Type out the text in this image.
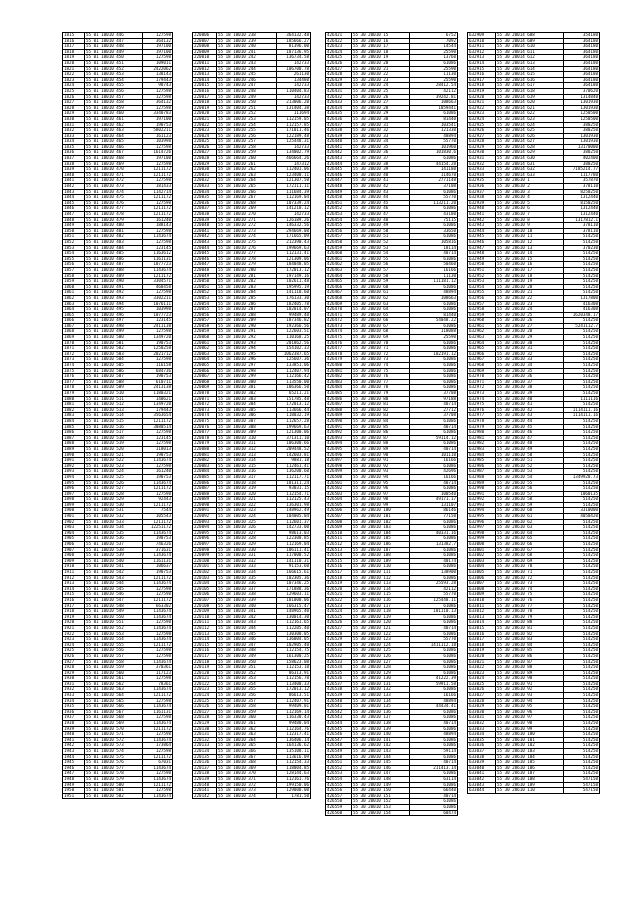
1815	55 01 10010 446	127598
1816	55 01 10010 447	364132
1817	55 01 10010 448	197100
1818	55 01 10010 449	197100
1819	55 01 10010 450	127598
1820	55 01 10010 451	109011
1821	55 01 10010 452	2422062
1822	55 01 10010 453	138143
1823	55 01 10010 454	179443
1824	55 01 10010 455	98743
1825	55 01 10010 456	127598
1826	55 01 10010 457	127598
1827	55 01 10010 458	364132
1828	55 01 10010 459	127598
1829	55 01 10010 460	3340783
1830	55 01 10010 461	197100
1831	55 01 10010 462	190753
1832	55 01 10010 463	5802211
1833	55 01 10010 464	161123
1834	55 01 10010 465	103998
1835	55 01 10010 466	127598
1836	55 01 10010 467	1614726
1837	55 01 10010 468	197100
1838	55 01 10010 469	127598
1839	55 01 10010 470	1211172
1840	55 01 10010 471	1211172
1841	55 01 10010 472	127598
1842	55 01 10010 473	181433
1843	55 01 10010 474	1142714
1844	55 01 10010 475	1211172
1845	55 01 10010 476	127598
1846	55 01 10010 477	1211172
1847	55 01 10010 478	1211172
1848	55 01 10010 479	161240
1849	55 01 10010 480	188143
1850	55 01 10010 481	127598
1851	55 01 10010 482	1143674
1852	55 01 10010 483	127598
1853	55 01 10010 484	123145
1854	55 01 10010 485	1163612
1855	55 01 10010 486	1161131
1856	55 01 10010 487	1077723
1857	55 01 10010 488	1143674
1858	55 01 10010 489	1211172
1859	55 01 10010 490	3304571
1860	55 01 10010 491	468458
1861	55 01 10010 492	127598
1862	55 01 10010 493	3302211
1863	55 01 10010 494	1076111
1864	55 01 10010 495	103998
1865	55 01 10010 496	1077723
1866	55 01 10010 497	123145
1867	55 01 10010 498	2411138
1868	55 01 10010 499	127598
1869	55 01 10010 500	1349720
1870	55 01 10010 501	190753
1871	55 01 10010 502	1250258
1872	55 01 10010 503	2021712
1873	55 01 10010 504	127598
1874	55 01 10010 505	116158
1875	55 01 10010 506	684736
1876	55 01 10010 507	190753
1877	55 01 10010 508	610711
1878	55 01 10010 509	2413138
1879	55 01 10010 510	1180321
1880	55 01 10010 511	140621
1881	55 01 10010 512	1349720
1882	55 01 10010 513	179443
1883	55 01 10010 514	3563654
1884	55 01 10010 515	1211172
1885	55 01 10010 516	3080514
1886	55 01 10010 517	127598
1887	55 01 10010 518	123145
1888	55 01 10010 519	127598
1889	55 01 10010 520	118013
1890	55 01 10010 521	190753
1891	55 01 10010 522	1143674
1892	55 01 10010 523	127598
1893	55 01 10010 524	161240
1894	55 01 10010 525	190753
1895	55 01 10010 526	1143674
1896	55 01 10010 527	1211172
1897	55 01 10010 528	127598
1898	55 01 10010 529	92443
1899	55 01 10010 530	1211172
1900	55 01 10010 531	7544
1901	55 01 10010 532	105543
1902	55 01 10010 533	1211172
1903	55 01 10010 534	12251172
1904	55 01 10010 535	1143674
1905	55 01 10010 536	190753
1906	55 01 10010 537	746326
1907	55 01 10010 538	371631
1908	55 01 10010 539	1143674
1909	55 01 10010 540	1161131
1910	55 01 10010 541	106637
1911	55 01 10010 542	190753
1912	55 01 10010 543	1211172
1913	55 01 10010 544	1143674
1914	55 01 10010 545	127598
1915	55 01 10010 546	127598
1916	55 01 10010 547	1211172
1917	55 01 10010 548	663302
1918	55 01 10010 549	1143674
1919	55 01 10010 550	1143674
1920	55 01 10010 551	127598
1921	55 01 10010 552	1143674
1922	55 01 10010 553	127598
1923	55 01 10010 554	1143674
1924	55 01 10010 555	1211172
1925	55 01 10010 556	127598
1926	55 01 10010 557	127598
1927	55 01 10010 558	1143674
1928	55 01 10010 559	370361
1929	55 01 10010 560	117123
1930	55 01 10010 561	127598
1931	55 01 10010 562	78361
1932	55 01 10010 563	1143674
1933	55 01 10010 564	1211172
1934	55 01 10010 565	127598
1935	55 01 10010 566	1143674
1936	55 01 10010 567	1161131
1937	55 01 10010 568	127598
1938	55 01 10010 569	1143674
1939	55 01 10010 570	1211172
1940	55 01 10010 571	127598
1941	55 01 10010 572	1143674
1942	55 01 10010 573	173864
1943	55 01 10010 574	127598
1944	55 01 10010 575	1211172
1945	55 01 10010 576	67031
1946	55 01 10010 577	1143674
1947	55 01 10010 578	127598
1948	55 01 10010 579	1143674
1949	55 01 10010 580	1211172
1950	55 01 10010 581	127598
1951	55 01 10010 582	1143674
220006	55 18 10010 238	364132.48
220007	55 18 10010 239	185666.27
220008	55 18 10010 240	81396.00
220009	55 18 10010 241	187136.95
220010	55 18 10010 242	136734.58
220011	55 18 10010 243	142733
220012	55 18 10010 244	106700.78
220013	55 18 10010 245	261130
220014	55 18 10010 246	134480
220015	55 18 10010 247	142733
220016	55 18 10010 248	110404.83
220017	55 18 10010 249	142733
220018	55 18 10010 250	213006.20
220019	55 18 10010 251	131404.38
220020	55 18 10010 252	111694
220021	55 18 10010 253	112159.05
220022	55 18 10010 254	112157.85
220023	55 18 10010 255	171011.46
220024	55 18 10010 256	122189.48
220025	55 18 10010 257	125448.31
220026	55 18 10010 258	142733
220027	55 18 10010 259	134002.79
220028	55 18 10010 260	466664.26
220029	55 18 10010 261	147312
220030	55 18 10010 262	112401.06
220031	55 18 10010 263	123400.11
220032	55 18 10010 264	121307.50
220033	55 18 10010 265	172111.11
220034	55 18 10010 266	111684.39
220035	55 18 10010 267	112169.04
220036	55 18 10010 268	107339.24
220037	55 18 10010 269	141210.12
220038	55 18 10010 270	142733
220039	55 18 10010 271	126189.26
220040	55 18 10010 272	146332.56
220041	55 18 10010 273	294669.08
220042	55 18 10010 274	171665.09
220043	55 18 10010 275	212390.43
220044	55 18 10010 276	199669.63
220045	55 18 10010 277	112131.41
220046	55 18 10010 278	121309.06
220047	55 18 10010 279	184048.05
220048	55 18 10010 280	172013.12
220049	55 18 10010 281	197149.16
220050	55 18 10010 282	102611.48
220051	55 18 10010 283	195995.19
220052	55 18 10010 284	141110.60
220053	55 18 10010 285	176133.30
220054	55 18 10010 286	182405.78
220055	55 18 10010 287	102014.07
220056	55 18 10010 288	99489.48
220057	55 18 10010 289	187346.82
220058	55 18 10010 290	192366.56
220059	55 18 10010 291	122603.51
220060	55 18 10010 292	110168.25
220061	55 18 10010 293	201862.56
220062	55 18 10010 294	154102.33
220063	55 18 10010 295	1062387.65
220064	55 18 10010 296	125607.36
220065	55 18 10010 297	133851.06
220066	55 18 10010 298	112407.94
220067	55 18 10010 299	112166.42
220068	55 18 10010 300	113550.00
220069	55 18 10010 301	106366.50
220070	55 18 10010 302	65211.21
220071	55 18 10010 303	151785.48
220072	55 18 10010 304	172013.12
220073	55 18 10010 305	113666.44
220074	55 18 10010 306	118032.19
220075	55 18 10010 307	112657.28
220076	55 18 10010 308	199669.63
220077	55 18 10010 309	121300.06
220078	55 18 10010 310	371311.10
220079	55 18 10010 311	106300.66
220080	55 18 10010 312	209448.52
220081	55 18 10010 313	142603.81
220082	55 18 10010 314	9881.18
220083	55 18 10010 315	112461.41
220084	55 18 10010 316	136200.60
220085	55 18 10010 317	112117.71
220086	55 18 10010 318	181311.24
220087	55 18 10010 319	93031.15
220088	55 18 10010 320	112154.71
220089	55 18 10010 321	112125.43
220090	55 18 10010 322	136301.98
220091	55 18 10010 323	148962.49
220092	55 18 10010 324	104005.04
220093	55 18 10010 325	112601.37
220094	55 18 10010 326	142733.00
220095	55 18 10010 327	98613.03
220096	55 18 10010 328	122300.85
220097	55 18 10010 329	112169.04
220098	55 18 10010 330	106111.41
220099	55 18 10010 331	117000.52
220100	55 18 10010 332	141110.31
220101	55 18 10010 333	91153.60
220102	55 18 10010 334	166615.61
220103	55 18 10010 335	102305.36
220104	55 18 10010 336	107346.25
220105	55 18 10010 337	171888.36
220106	55 18 10010 338	129603.11
220107	55 18 10010 339	101000.06
220108	55 18 10010 340	166315.47
220109	55 18 10010 341	148965.40
220110	55 18 10010 342	130014.30
220111	55 18 10010 343	112161.65
220112	55 18 10010 344	112205.40
220113	55 18 10010 345	130300.05
220114	55 18 10010 346	136004.05
220115	55 18 10010 347	102905.40
220116	55 18 10010 348	112154.75
220117	55 18 10010 349	161300.25
220118	55 18 10010 350	158623.08
220119	55 18 10010 351	112153.18
220120	55 18 10010 352	86313.91
220121	55 18 10010 353	112156.78
220122	55 18 10010 354	113400.33
220123	55 18 10010 355	172013.12
220124	55 18 10010 356	86613.51
220125	55 18 10010 357	112407.91
220126	55 18 10010 358	99409.01
220127	55 18 10010 359	112169.14
220128	55 18 10010 360	116330.43
220129	55 18 10010 361	99480.04
220130	55 18 10010 362	112164.76
220131	55 18 10010 363	112317.41
220132	55 18 10010 364	136406.14
220133	55 18 10010 365	164136.62
220134	55 18 10010 366	135108.11
220135	55 18 10010 367	113616.09
220136	55 18 10010 368	112154.33
220137	55 18 10010 369	118004.85
220138	55 18 10010 370	128144.63
220139	55 18 10010 371	112161.76
220140	55 18 10010 372	199150.06
220141	55 18 10010 373	129000.00
220142	55 18 10010 374	1781.50
426421	55 30 20010 15	6752
426422	55 30 20010 16	7092
426423	55 30 20010 17	14544
426424	55 30 20010 18	25590
426425	55 30 20010 19	13760
426426	55 30 20010 20	61086
426427	55 30 20010 21	25590
426428	55 30 20010 22	11130
426429	55 30 20010 23	25590
426430	55 30 20010 24	28412.54
426431	55 30 20010 25	42112
426432	55 30 20010 26	39242.81
426433	55 30 20010 27	108663
426434	55 30 20010 28	1059441
426435	55 30 20010 29	61086
426436	55 30 20010 30	81440
426437	55 30 20010 31	103541
426438	55 30 20010 32	121330
426439	55 30 20010 33	48894
426440	55 30 20010 34	55770
426441	55 30 20010 35	101960
426442	55 30 20010 36	101830.6
426443	55 30 20010 37	61086
426444	55 30 20010 38	44154.28
426445	55 30 20010 39	141180
426446	55 30 20010 40	114670
426447	55 30 20010 41	2771148
426448	55 30 20010 42	37108
426449	55 30 20010 43	61086
426450	55 30 20010 44	55770
426451	55 30 20010 45	113211.20
426452	55 30 20010 46	61086
426453	55 30 20010 47	43180
426454	55 30 20010 48	75115
426455	55 30 20010 49	61086
426456	55 30 20010 50	33650
426457	55 30 20010 51	61086
426458	55 30 20010 52	105816
426459	55 30 20010 53	18114
426460	55 30 20010 54	40714
426461	55 30 20010 55	61086
426462	55 30 20010 56	50460
426463	55 30 20010 57	16166
426464	55 30 20010 58	11130
426465	55 30 20010 59	111181.12
426466	55 30 20010 60	61086
426467	55 30 20010 61	48894
426468	55 30 20010 62	108663
426469	55 30 20010 63	61086
426470	55 30 20010 64	61086
426471	55 30 20010 65	81440
426472	55 30 20010 66	54048.22
426473	55 30 20010 67	61086
426474	55 30 20010 68	118088
426475	55 30 20010 69	25590
426476	55 30 20010 70	61086
426477	55 30 20010 71	61086
426478	55 30 20010 72	102191.12
426479	55 30 20010 73	61086
426480	55 30 20010 74	61086
426481	55 30 20010 75	61086
426482	55 30 20010 76	61086
426483	55 30 20010 77	61086
426484	55 30 20010 78	61086
426485	55 30 20010 79	37708
426486	55 30 20010 80	97188
426487	55 30 20010 81	40714
426488	55 30 20010 82	27712
426489	55 30 20010 83	37708
426490	55 30 20010 84	61086
426491	55 30 20010 85	40714
426492	55 30 20010 86	61086
426493	55 30 20010 87	59114.12
426494	55 30 20010 88	61086
426495	55 30 20010 89	40714
426496	55 30 20010 90	101110
426497	55 30 20010 91	16166
426498	55 30 20010 92	61086
426499	55 30 20010 93	42696
426500	55 30 20010 94	16166
426501	55 30 20010 95	40714
426502	55 30 20010 96	61086
426503	55 30 20010 97	100540
426504	55 30 20010 98	49171.17
426505	55 30 20010 99	131107
426506	55 30 20010 100	86146
426507	55 30 20010 101	77150
426508	55 30 20010 102	61086
426509	55 30 20010 103	61086
426510	55 30 20010 104	40331.16
426511	55 30 20010 105	61086
426512	55 30 20010 106	131382.7
426513	55 30 20010 107	61086
426514	55 30 20010 108	61086
426515	55 30 20010 109	40174
426516	55 30 20010 110	61086
426517	55 30 20010 111	138900
426518	55 30 20010 112	61086
426519	55 30 20010 113	25593.28
426520	55 30 20010 114	42112
426521	55 30 20010 115	55770
426522	55 30 20010 116	125448.11
426523	55 30 20010 117	61086
426524	55 30 20010 118	101110.13
426525	55 30 20010 119	61086
426526	55 30 20010 120	61086
426527	55 30 20010 121	40714
426528	55 30 20010 122	61086
426529	55 30 20010 123	55770
426530	55 30 20010 124	1411112.18
426531	55 30 20010 125	61086
426532	55 30 20010 126	61086
426533	55 30 20010 127	61086
426534	55 30 20010 128	61086
426535	55 30 20010 129	61086
426536	55 30 20010 130	41222.39
426537	55 30 20010 131	59911.58
426538	55 30 20010 132	61086
426539	55 30 20010 133	16166
426540	55 30 20010 134	48894
426541	55 30 20010 135	44434.41
426542	55 30 20010 136	61086
426543	55 30 20010 137	61086
426544	55 30 20010 138	40714
426545	55 30 20010 139	61086
426546	55 30 20010 140	48894
426547	55 30 20010 141	61086
426548	55 30 20010 142	61086
426549	55 30 20010 143	59114
426550	55 30 20010 144	61086
426551	55 30 20010 145	40714
426552	55 30 20010 146	211413.14
426553	55 30 20010 147	61086
426554	55 30 20010 148	63114
426555	55 30 20010 149	61086
426556	55 30 20010 150	66440
426557	55 30 20010 151	40714
426558	55 30 20010 152	61086
426559	55 30 20010 153	61086
426560	55 30 20010 154	60474
632909	55 30 20014 608	354180
632910	55 30 20014 609	364180
632911	55 30 20014 610	364180
632912	55 30 20014 611	364180
632913	55 30 20014 612	364180
632914	55 30 20014 613	364180
632915	55 30 20014 614	364180
632916	55 30 20014 615	364180
632917	55 30 20014 616	364180
632918	55 30 20014 617	364180
632919	55 30 20014 618	370620
632920	55 30 20014 619	1314840
632921	55 30 20014 620	1301930
632922	55 30 20014 621	1301930
632923	55 30 20014 622	1250500
632924	55 30 20014 623	1250500
632925	55 30 20014 624	380250
632926	55 30 20014 625	380250
632927	55 30 20014 626	1301930
632928	55 30 20014 627	1301930
632929	55 30 20014 628	13170000
632930	55 30 20014 629	380250
632931	55 30 20014 630	402400
632932	55 30 20014 631	380250
632933	55 30 20014 632	7185214.77
632934	55 30 20014 633	1117780
632935	55 30 28610 1	357870
632936	55 30 28610 2	378110
632937	55 30 28610 3	8250250
632938	55 30 28610 4	1312440
632939	55 30 28610 5	8150250
632940	55 30 28610 6	1312440
632941	55 30 28610 7	1312440
632942	55 30 28610 8	1317812.1
632943	55 30 28610 9	378110
632944	55 30 28610 10	378110
632945	55 30 28610 11	514250
632946	55 30 28610 12	514250
632947	55 30 28610 13	370230
632948	55 30 28610 14	514250
632949	55 30 28610 15	514250
632950	55 30 28610 16	514250
632951	55 30 28610 17	514250
632952	55 30 28610 18	514250
632953	55 30 28610 19	514250
632954	55 30 28610 20	514250
632955	55 30 28610 21	514250
632956	55 30 28610 22	1317800
632957	55 30 28610 23	416308
632958	55 30 28610 24	416308
632959	55 30 28610 25	1620348.17
632960	55 30 28610 26	514250
632961	55 30 28610 27	5241112.7
632962	55 30 28610 28	514250
632963	55 30 28610 29	514250
632964	55 30 28610 30	514250
632965	55 30 28610 31	514250
632966	55 30 28610 32	514250
632967	55 30 28610 33	514250
632968	55 30 28610 34	514250
632969	55 30 28610 35	514250
632970	55 30 28610 36	514250
632971	55 30 28610 37	514250
632972	55 30 28610 38	514250
632973	55 30 28610 39	514250
632974	55 30 28610 40	1111116
632975	55 30 28610 41	514250
632976	55 30 28610 42	1114111.16
632977	55 30 28610 43	1114111.16
632978	55 30 28610 44	514250
632979	55 30 28610 45	514250
632980	55 30 28610 46	514250
632981	55 30 28610 47	514250
632982	55 30 28610 48	514250
632983	55 30 28610 49	514250
632984	55 30 28610 50	514250
632985	55 30 28610 51	514250
632986	55 30 28610 52	514250
632987	55 30 28610 53	514250
632988	55 30 28610 54	1349920.73
632989	55 30 28610 55	514250
632990	55 30 28610 56	514250
632991	55 30 28610 57	1060135
632992	55 30 28610 58	514250
632993	55 30 28610 59	514250
632994	55 30 28610 60	3310000
632995	55 30 28610 61	4050420
632996	55 30 28610 62	514250
632997	55 30 28610 63	514250
632998	55 30 28610 64	514250
632999	55 30 28610 65	514250
633000	55 30 28610 66	514250
633001	55 30 28610 67	514250
633002	55 30 28610 68	514250
633003	55 30 28610 69	514250
633004	55 30 28610 70	514250
633005	55 30 28610 71	514250
633006	55 30 28610 72	514250
633007	55 30 28610 73	514250
633008	55 30 28610 74	514250
633009	55 30 28610 75	514250
633010	55 30 28610 76	514250
633011	55 30 28610 77	514250
633012	55 30 28610 78	514250
633013	55 30 28610 79	514250
633014	55 30 28610 80	514250
633015	55 30 28610 81	514250
633016	55 30 28610 82	514250
633017	55 30 28610 83	514250
633018	55 30 28610 84	514250
633019	55 30 28610 85	514250
633020	55 30 28610 86	514250
633021	55 30 28610 87	514250
633022	55 30 28610 88	514250
633023	55 30 28610 89	514250
633024	55 30 28610 90	514250
633025	55 30 28610 91	514250
633026	55 30 28610 92	514250
633027	55 30 28610 93	514250
633028	55 30 28610 94	514250
633029	55 30 28610 95	514250
633030	55 30 28610 96	514250
633031	55 30 28610 97	514250
633032	55 30 28610 98	514250
633033	55 30 28610 99	514250
633034	55 30 28610 100	514250
633035	55 30 28610 101	514250
633036	55 30 28610 102	514250
633037	55 30 28610 103	514250
633038	55 30 28610 104	514250
633039	55 30 28610 105	514250
633040	55 30 28610 106	514250
633041	55 30 28610 107	514250
633042	55 30 28610 108	547150
633043	55 30 28610 109	547150
633044	55 30 28610 110	547150
